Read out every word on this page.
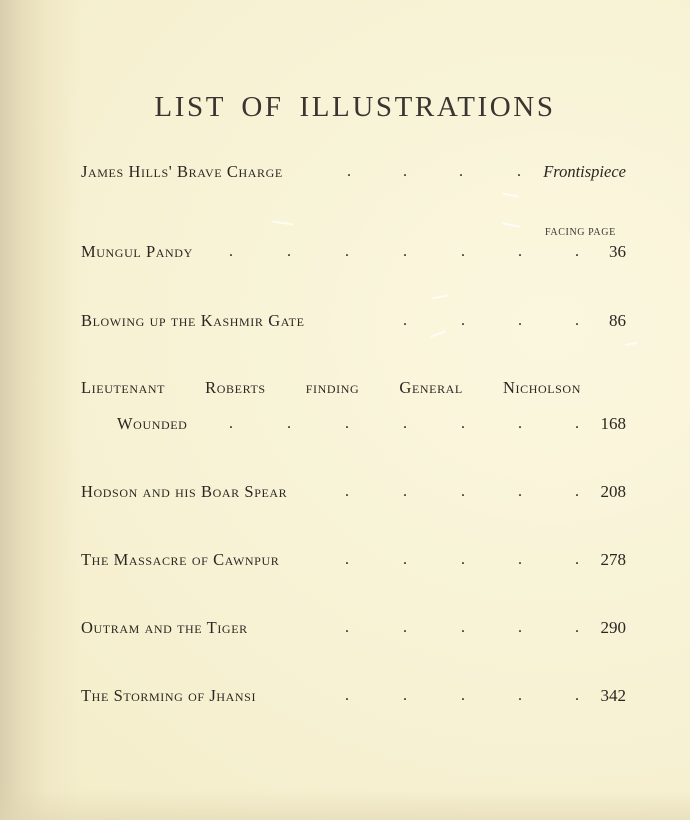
LIST OF ILLUSTRATIONS
James Hills' Brave Charge	.	.	.	. Frontispiece
FACING PAGE
Mungul Pandy .	.	.	.	.	.	. 36
Blowing up the Kashmir Gate	.	.	.	. 86
Lieutenant Roberts finding General Nicholson
Wounded	.	.	.	.	.	.	. 168
Hodson and his Boar Spear	.	.	.	.	. 208
The Massacre of Cawnpur	.	.	.	.	. 278
Outram and the Tiger	.	.	.	.	. 290
The Storming of Jhansi	.	.	.	.	. 342
